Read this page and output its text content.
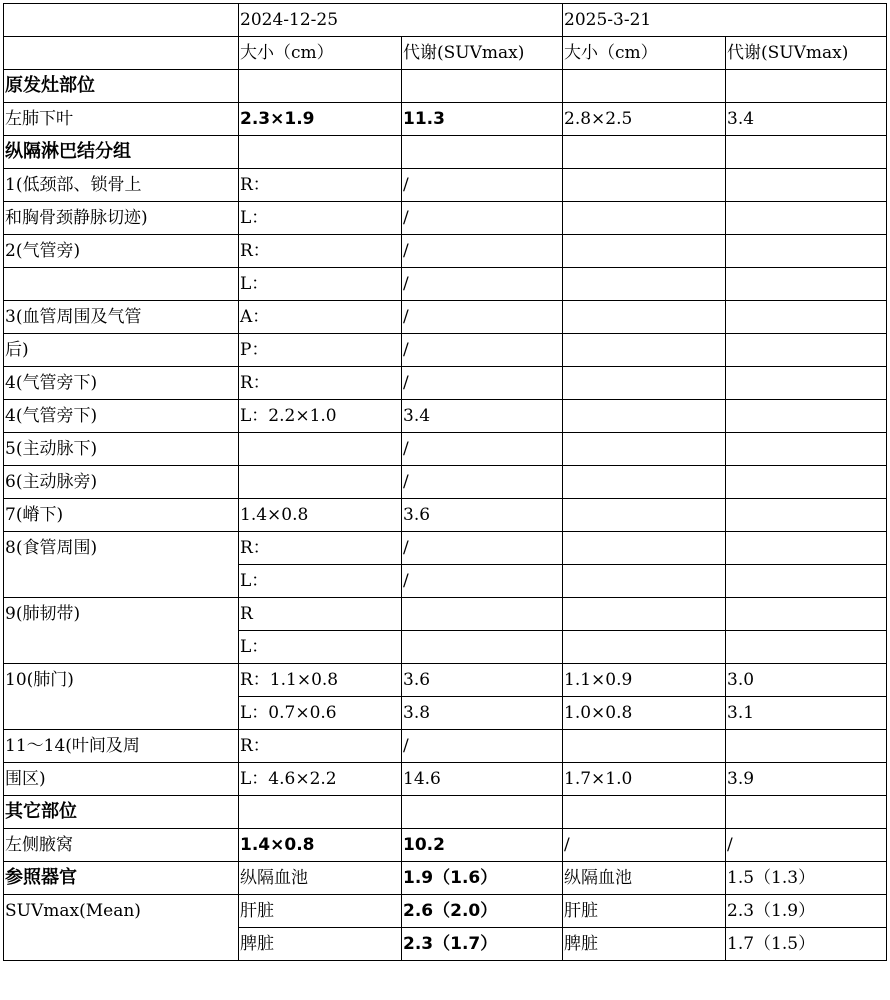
	2024-12-25		2025-3-21	
	大小（cm）	代谢(SUVmax)	大小（cm）	代谢(SUVmax)
原发灶部位				
左肺下叶	2.3×1.9	11.3	2.8×2.5	3.4
纵隔淋巴结分组				
1(低颈部、锁骨上	R：	/		
和胸骨颈静脉切迹)	L：	/		
2(气管旁)	R：	/		
	L：	/		
3(血管周围及气管	A：	/		
后)	P：	/		
4(气管旁下)	R：	/		
4(气管旁下)	L：2.2×1.0	3.4		
5(主动脉下)		/		
6(主动脉旁)		/		
7(嵴下)	1.4×0.8	3.6		
8(食管周围)	R：	/		
	L：	/		
9(肺韧带)	R			
	L：			
10(肺门)	R：1.1×0.8	3.6	1.1×0.9	3.0
	L：0.7×0.6	3.8	1.0×0.8	3.1
11～14(叶间及周	R：	/		
围区)	L：4.6×2.2	14.6	1.7×1.0	3.9
其它部位				
左侧腋窝	1.4×0.8	10.2	/	/
参照器官	纵隔血池	1.9（1.6）	纵隔血池	1.5（1.3）
SUVmax(Mean)	肝脏	2.6（2.0）	肝脏	2.3（1.9）
	脾脏	2.3（1.7）	脾脏	1.7（1.5）
